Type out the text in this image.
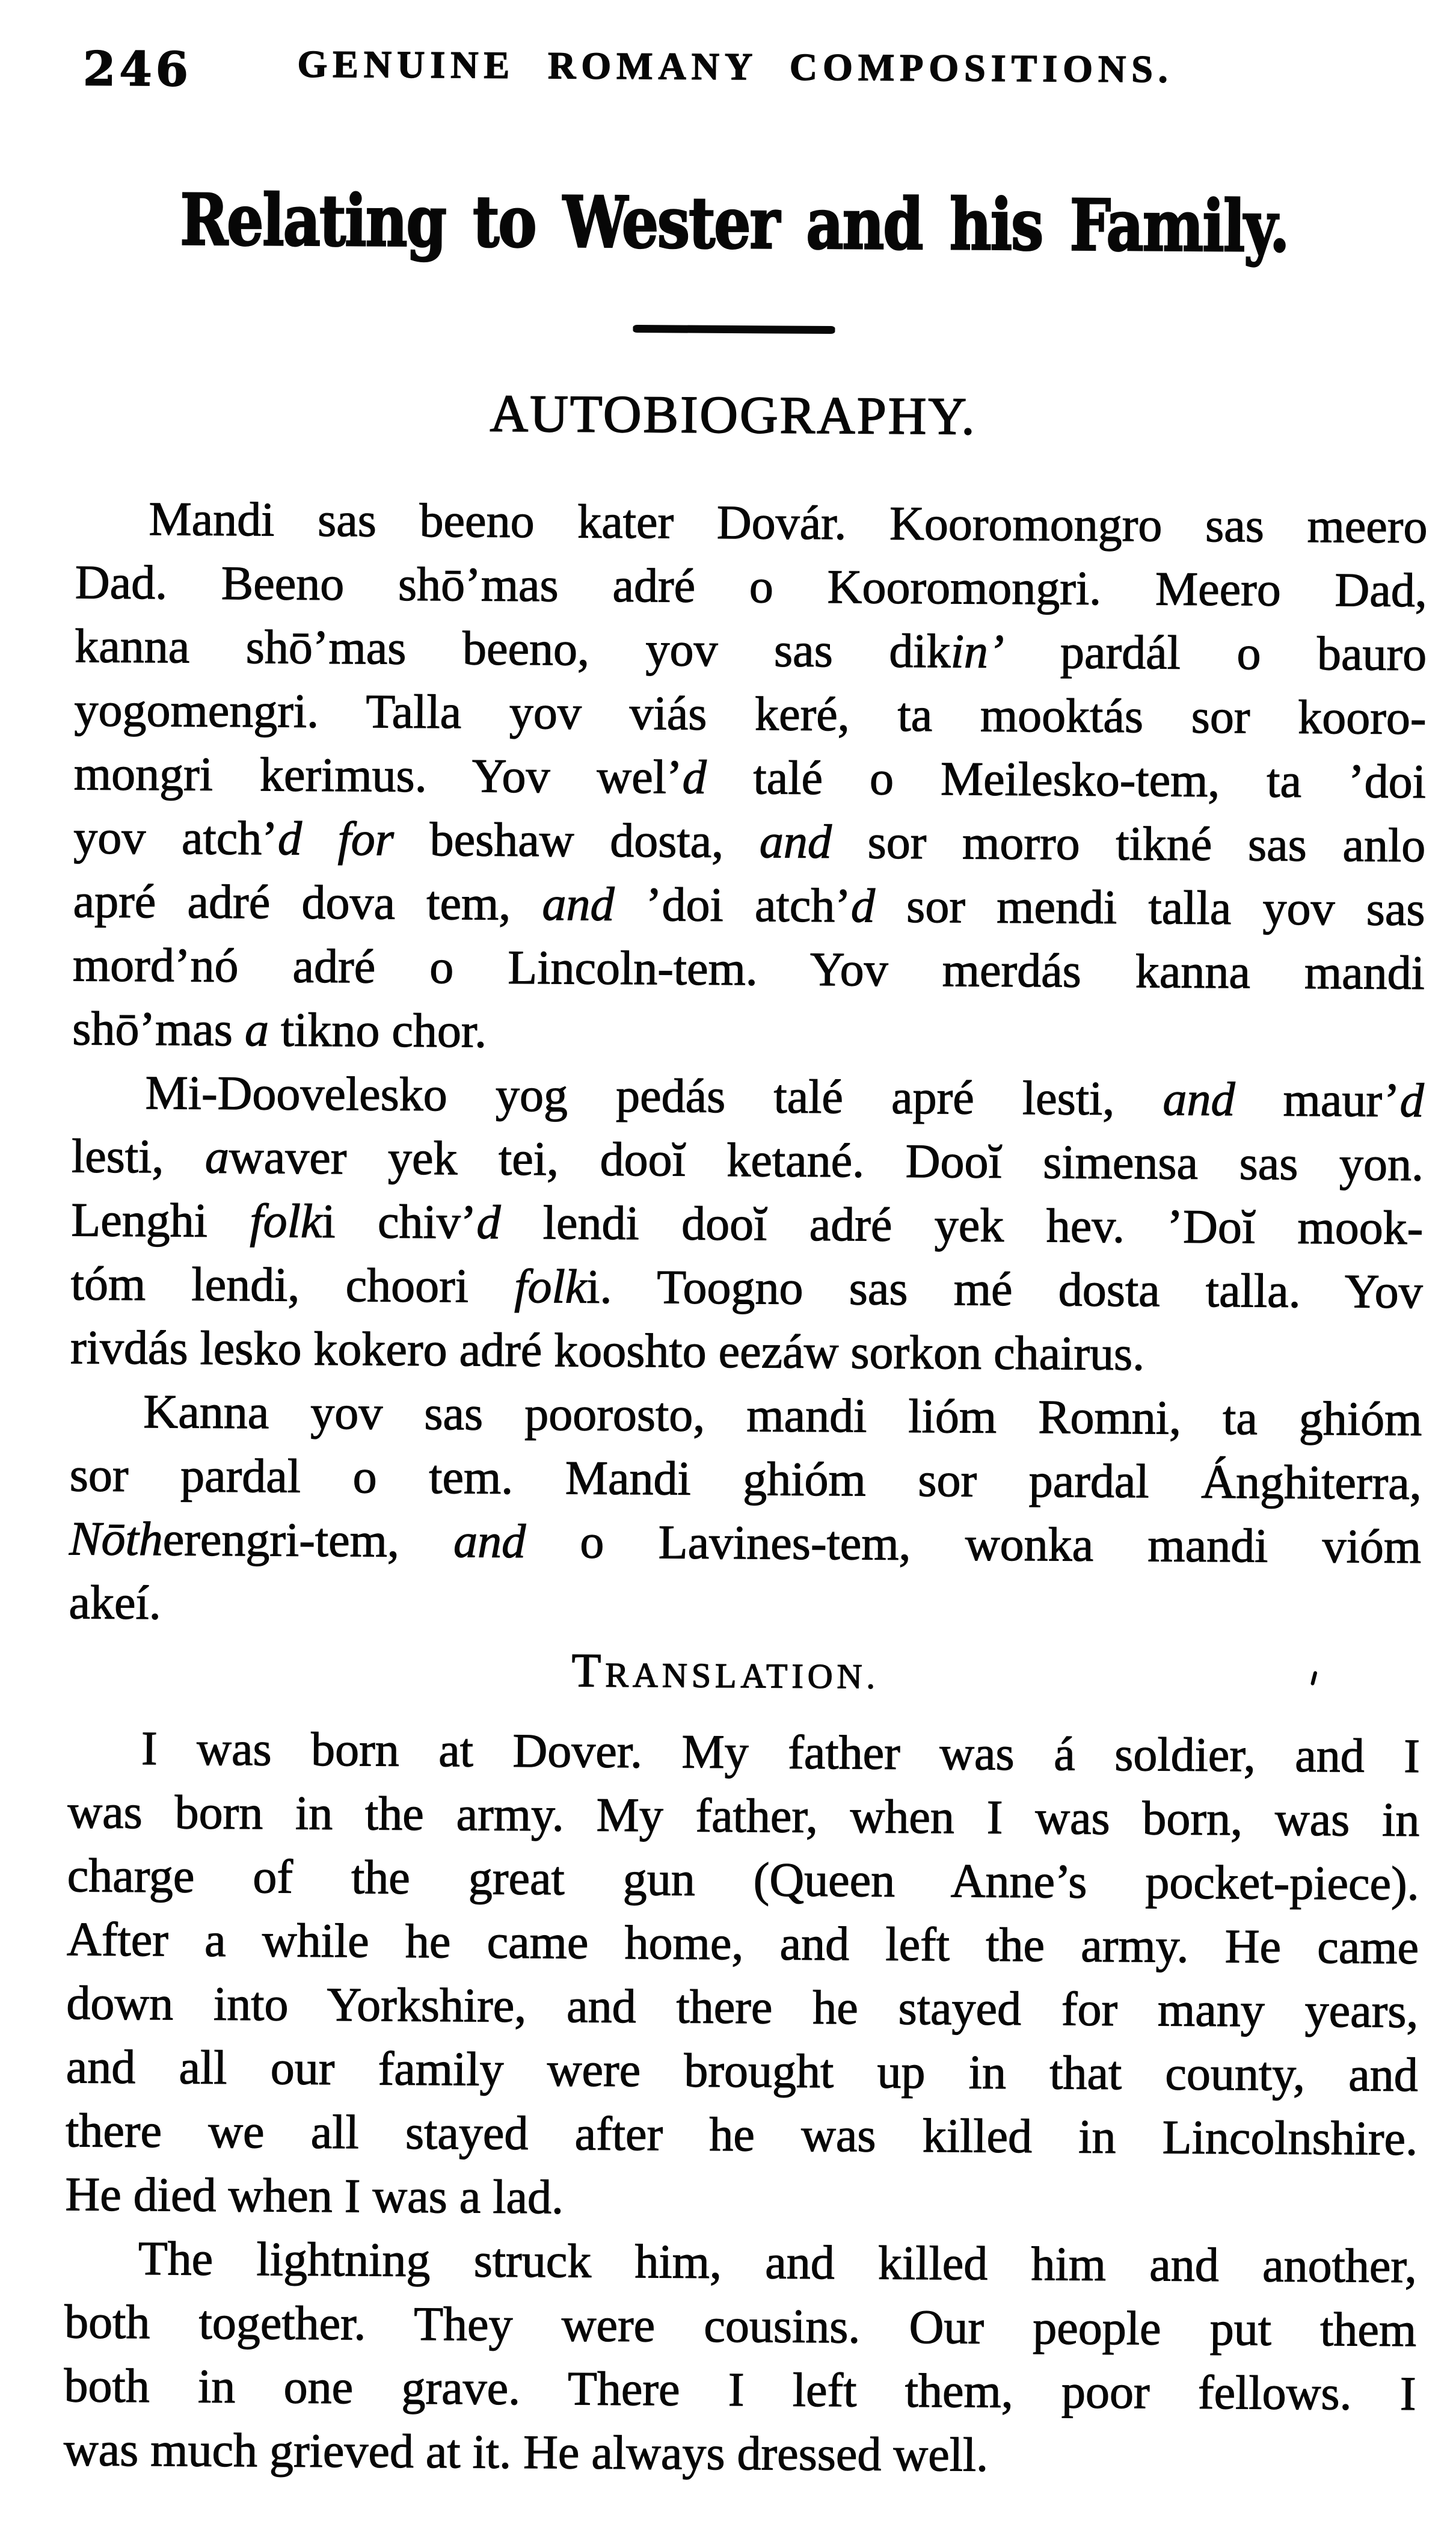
246	GENUINE ROMANY COMPOSITIONS.
Relating to Wester and his Family.
AUTOBIOGRAPHY.
Mandi sas beeno kater Dovár. Kooromongro sas meero
Dad. Beeno shō’mas adré o Kooromongri. Meero Dad,
kanna shō’mas beeno, yov sas dikin’ pardál o bauro
yogomengri. Talla yov viás keré, ta mooktás sor kooro-
mongri kerimus. Yov wel’d talé o Meilesko-tem, ta ’doi
yov atch’d for beshaw dosta, and sor morro tikné sas anlo
apré adré dova tem, and ’doi atch’d sor mendi talla yov sas
mord’nó adré o Lincoln-tem. Yov merdás kanna mandi
shō’mas a tikno chor.
Mi-Doovelesko yog pedás talé apré lesti, and maur’d
lesti, awaver yek tei, dooĭ ketané. Dooĭ simensa sas yon.
Lenghi folki chiv’d lendi dooĭ adré yek hev. ’Doĭ mook-
tóm lendi, choori folki. Toogno sas mé dosta talla. Yov
rivdás lesko kokero adré kooshto eezáw sorkon chairus.
Kanna yov sas poorosto, mandi lióm Romni, ta ghióm
sor pardal o tem. Mandi ghióm sor pardal Ánghiterra,
Nōtherengri-tem, and o Lavines-tem, wonka mandi vióm
akeí.
TRANSLATION.
I was born at Dover. My father was á soldier, and I
was born in the army. My father, when I was born, was in
charge of the great gun (Queen Anne’s pocket-piece).
After a while he came home, and left the army. He came
down into Yorkshire, and there he stayed for many years,
and all our family were brought up in that county, and
there we all stayed after he was killed in Lincolnshire.
He died when I was a lad.
The lightning struck him, and killed him and another,
both together. They were cousins. Our people put them
both in one grave. There I left them, poor fellows. I
was much grieved at it. He always dressed well.
